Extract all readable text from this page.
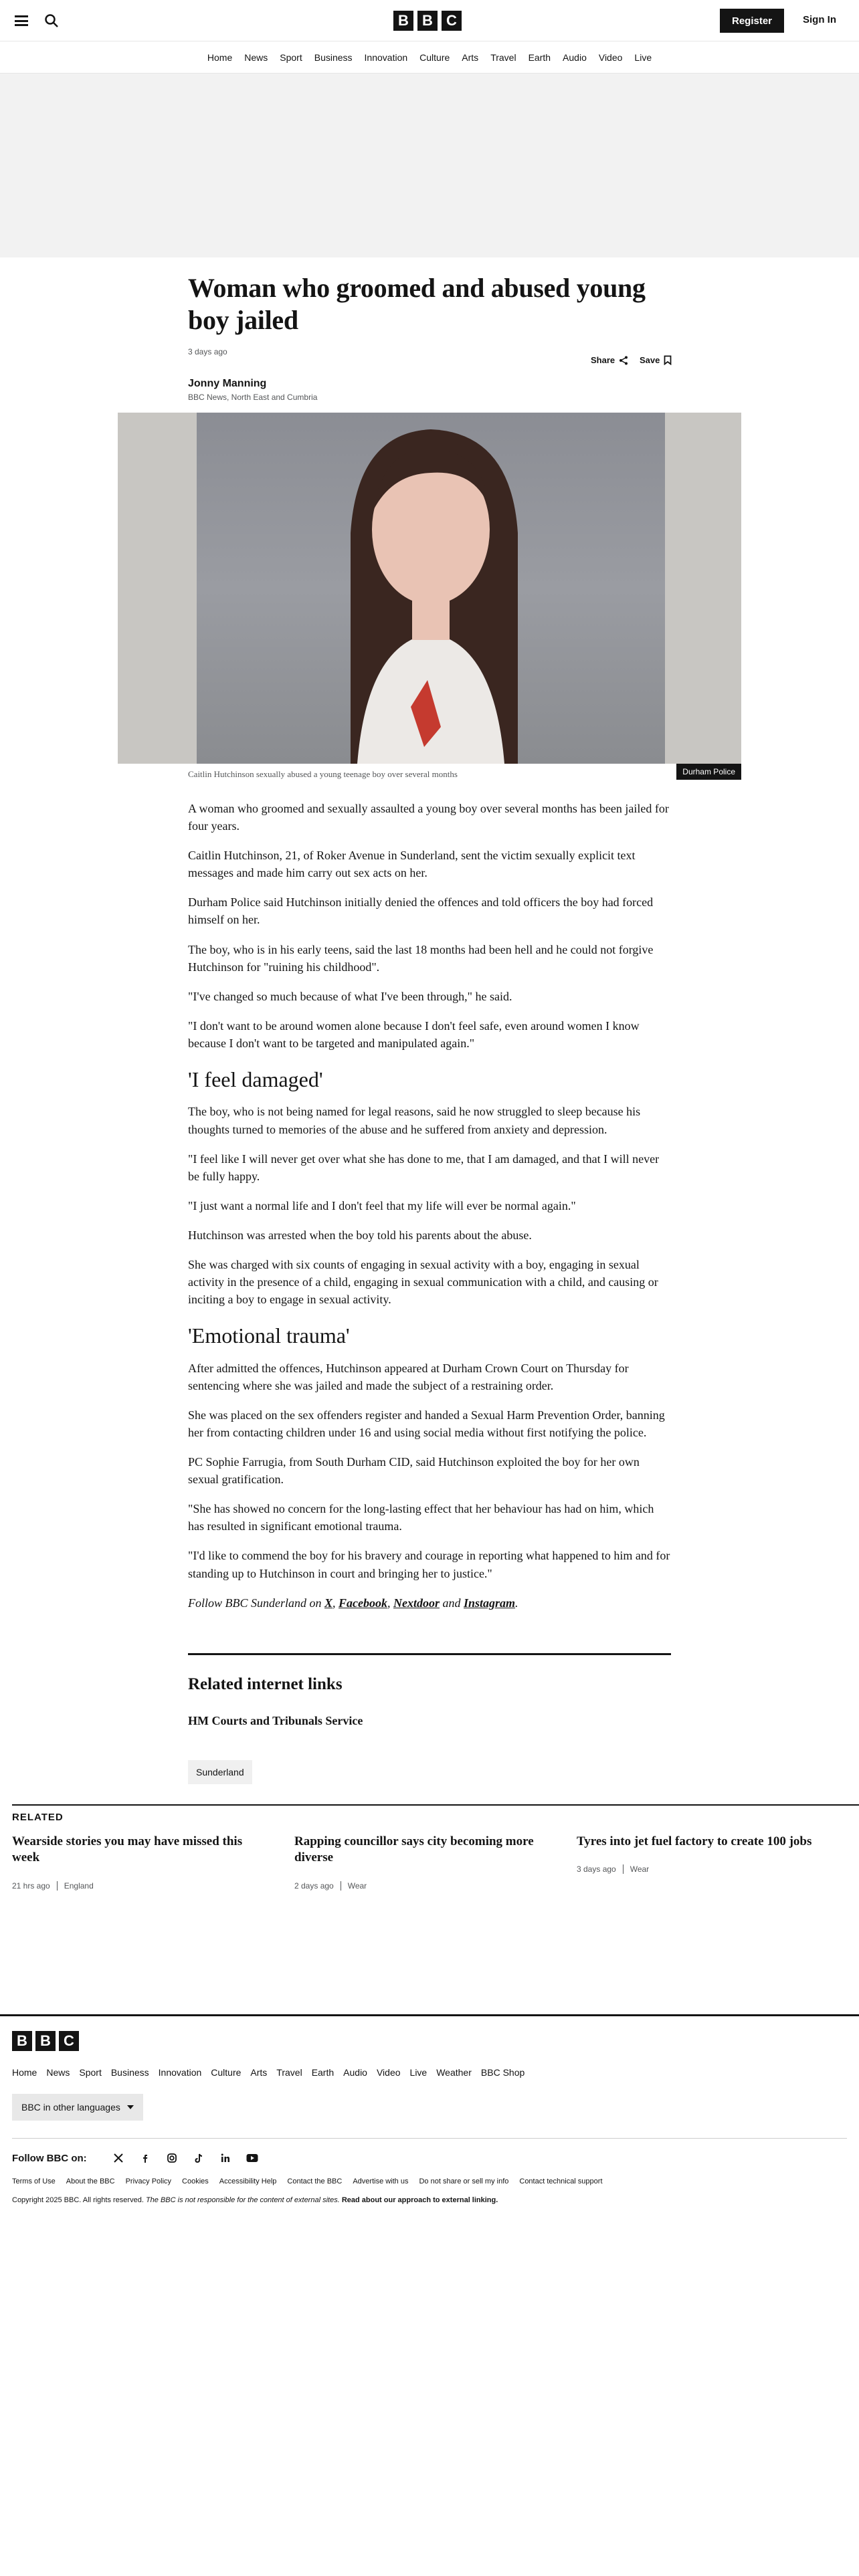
B B C	Register	Sign In
Home News Sport Business Innovation Culture Arts Travel Earth Audio Video Live
Woman who groomed and abused young boy jailed
3 days ago
Share	Save
Jonny Manning
BBC News, North East and Cumbria
Durham Police
Caitlin Hutchinson sexually abused a young teenage boy over several months

A woman who groomed and sexually assaulted a young boy over several months has been jailed for four years.

Caitlin Hutchinson, 21, of Roker Avenue in Sunderland, sent the victim sexually explicit text messages and made him carry out sex acts on her.

Durham Police said Hutchinson initially denied the offences and told officers the boy had forced himself on her.

The boy, who is in his early teens, said the last 18 months had been hell and he could not forgive Hutchinson for "ruining his childhood".

"I've changed so much because of what I've been through," he said.

"I don't want to be around women alone because I don't feel safe, even around women I know because I don't want to be targeted and manipulated again."

'I feel damaged'

The boy, who is not being named for legal reasons, said he now struggled to sleep because his thoughts turned to memories of the abuse and he suffered from anxiety and depression.

"I feel like I will never get over what she has done to me, that I am damaged, and that I will never be fully happy.

"I just want a normal life and I don't feel that my life will ever be normal again."

Hutchinson was arrested when the boy told his parents about the abuse.

She was charged with six counts of engaging in sexual activity with a boy, engaging in sexual activity in the presence of a child, engaging in sexual communication with a child, and causing or inciting a boy to engage in sexual activity.

'Emotional trauma'

After admitted the offences, Hutchinson appeared at Durham Crown Court on Thursday for sentencing where she was jailed and made the subject of a restraining order.

She was placed on the sex offenders register and handed a Sexual Harm Prevention Order, banning her from contacting children under 16 and using social media without first notifying the police.

PC Sophie Farrugia, from South Durham CID, said Hutchinson exploited the boy for her own sexual gratification.

"She has showed no concern for the long-lasting effect that her behaviour has had on him, which has resulted in significant emotional trauma.

"I'd like to commend the boy for his bravery and courage in reporting what happened to him and for standing up to Hutchinson in court and bringing her to justice."

Follow BBC Sunderland on X, Facebook, Nextdoor and Instagram.

Related internet links
HM Courts and Tribunals Service
Sunderland
RELATED
Wearside stories you may have missed this week
21 hrs ago England
Rapping councillor says city becoming more diverse
2 days ago Wear
Tyres into jet fuel factory to create 100 jobs
3 days ago Wear
B B C
Home News Sport Business Innovation Culture Arts Travel Earth Audio Video Live Weather BBC Shop
BBC in other languages
Follow BBC on:
Terms of Use About the BBC Privacy Policy Cookies Accessibility Help Contact the BBC Advertise with us Do not share or sell my info Contact technical support
Copyright 2025 BBC. All rights reserved. The BBC is not responsible for the content of external sites. Read about our approach to external linking.
